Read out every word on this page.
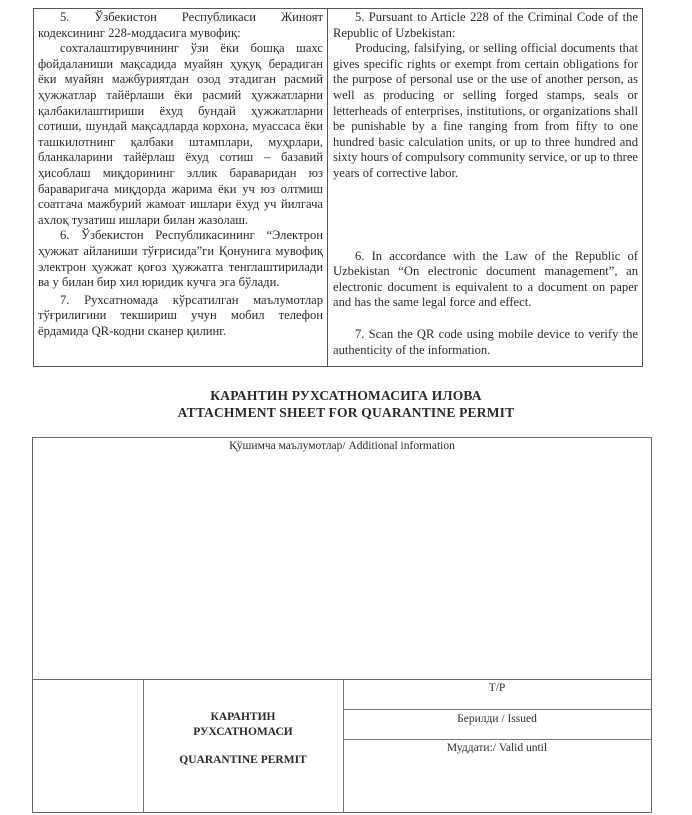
5. Ўзбекистон Республикаси Жиноят кодексининг 228-моддасига мувофиқ:

сохталаштирувчининг ўзи ёки бошқа шахс фойдаланиши мақсадида муайян ҳуқуқ берадиган ёки муайян мажбуриятдан озод этадиган расмий ҳужжатлар тайёрлаши ёки расмий ҳужжатларни қалбакилаштириши ёхуд бундай ҳужжатларни сотиши, шундай мақсадларда корхона, муассаса ёки ташкилотнинг қалбаки штамплари, муҳрлари, бланкаларини тайёрлаш ёхуд сотиш – базавий ҳисоблаш миқдорининг эллик бараваридан юз бараваригача миқдорда жарима ёки уч юз олтмиш соатгача мажбурий жамоат ишлари ёхуд уч йилгача ахлоқ тузатиш ишлари билан жазолаш.

6. Ўзбекистон Республикасининг “Электрон ҳужжат айланиши тўғрисида”ги Қонунига мувофиқ электрон ҳужжат қоғоз ҳужжатга тенглаштирилади ва у билан бир хил юридик кучга эга бўлади.

7. Рухсатномада кўрсатилган маълумотлар тўғрилигини текшириш учун мобил телефон ёрдамида QR-кодни сканер қилинг.

5. Pursuant to Article 228 of the Criminal Code of the Republic of Uzbekistan:

Producing, falsifying, or selling official documents that gives specific rights or exempt from certain obligations for the purpose of personal use or the use of another person, as well as producing or selling forged stamps, seals or letterheads of enterprises, institutions, or organizations shall be punishable by a fine ranging from from fifty to one hundred basic calculation units, or up to three hundred and sixty hours of compulsory community service, or up to three years of corrective labor.

6. In accordance with the Law of the Republic of Uzbekistan “On electronic document management”, an electronic document is equivalent to a document on paper and has the same legal force and effect.

7. Scan the QR code using mobile device to verify the authenticity of the information.

КАРАНТИН РУХСАТНОМАСИГА ИЛОВА
ATTACHMENT SHEET FOR QUARANTINE PERMIT
Қўшимча маълумотлар/ Additional information
КАРАНТИН
РУХСАТНОМАСИ
QUARANTINE PERMIT
T/P
Берилди / Issued
Муддати:/ Valid until
